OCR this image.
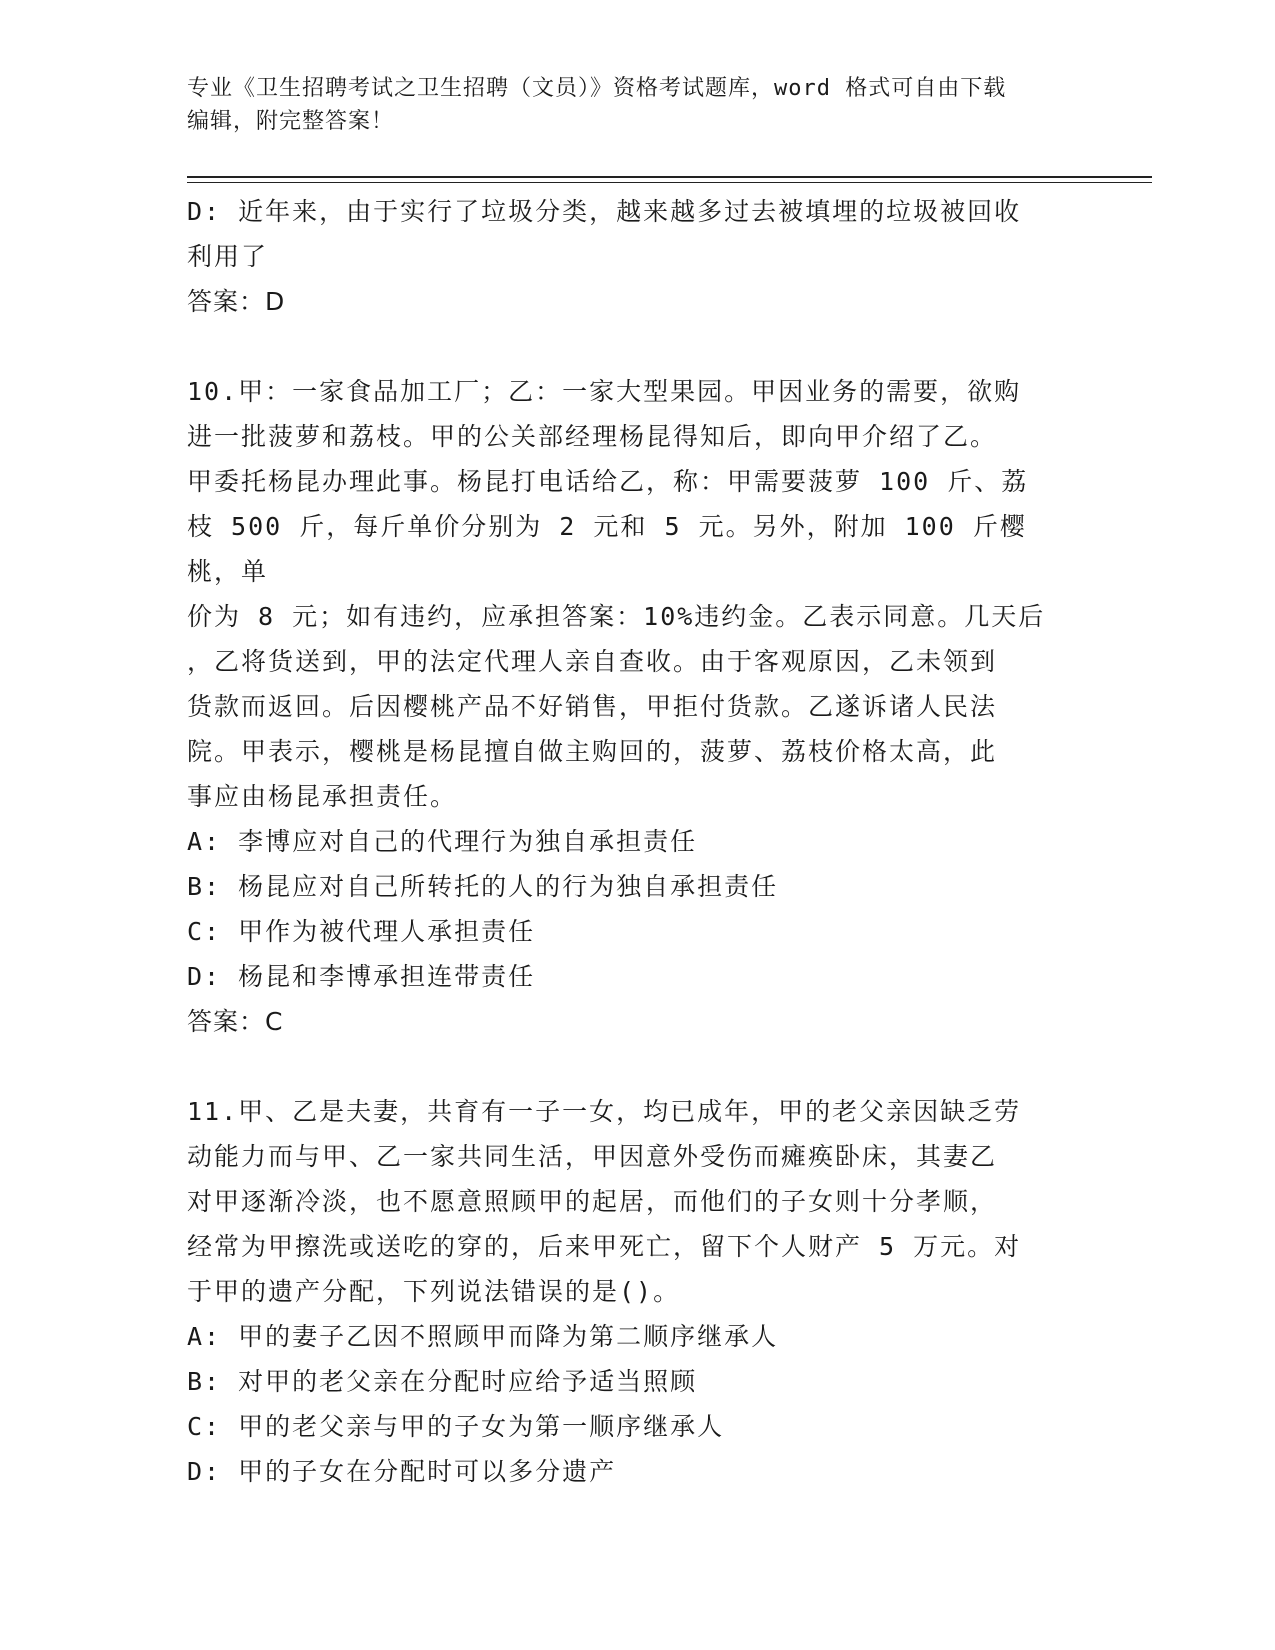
专业《卫生招聘考试之卫生招聘（文员）》资格考试题库，word 格式可自由下载
编辑，附完整答案！

D: 近年来，由于实行了垃圾分类，越来越多过去被填埋的垃圾被回收

利用了

答案：D

10.甲：一家食品加工厂；乙：一家大型果园。甲因业务的需要，欲购

进一批菠萝和荔枝。甲的公关部经理杨昆得知后，即向甲介绍了乙。

甲委托杨昆办理此事。杨昆打电话给乙，称：甲需要菠萝 100 斤、荔

枝 500 斤，每斤单价分别为 2 元和 5 元。另外，附加 100 斤樱桃，单

价为 8 元；如有违约，应承担答案：10%违约金。乙表示同意。几天后

，乙将货送到，甲的法定代理人亲自查收。由于客观原因，乙未领到

货款而返回。后因樱桃产品不好销售，甲拒付货款。乙遂诉诸人民法

院。甲表示，樱桃是杨昆擅自做主购回的，菠萝、荔枝价格太高，此

事应由杨昆承担责任。

A: 李博应对自己的代理行为独自承担责任

B: 杨昆应对自己所转托的人的行为独自承担责任

C: 甲作为被代理人承担责任

D: 杨昆和李博承担连带责任

答案：C

11.甲、乙是夫妻，共育有一子一女，均已成年，甲的老父亲因缺乏劳

动能力而与甲、乙一家共同生活，甲因意外受伤而瘫痪卧床，其妻乙

对甲逐渐冷淡，也不愿意照顾甲的起居，而他们的子女则十分孝顺，

经常为甲擦洗或送吃的穿的，后来甲死亡，留下个人财产 5 万元。对

于甲的遗产分配，下列说法错误的是()。

A: 甲的妻子乙因不照顾甲而降为第二顺序继承人

B: 对甲的老父亲在分配时应给予适当照顾

C: 甲的老父亲与甲的子女为第一顺序继承人

D: 甲的子女在分配时可以多分遗产
